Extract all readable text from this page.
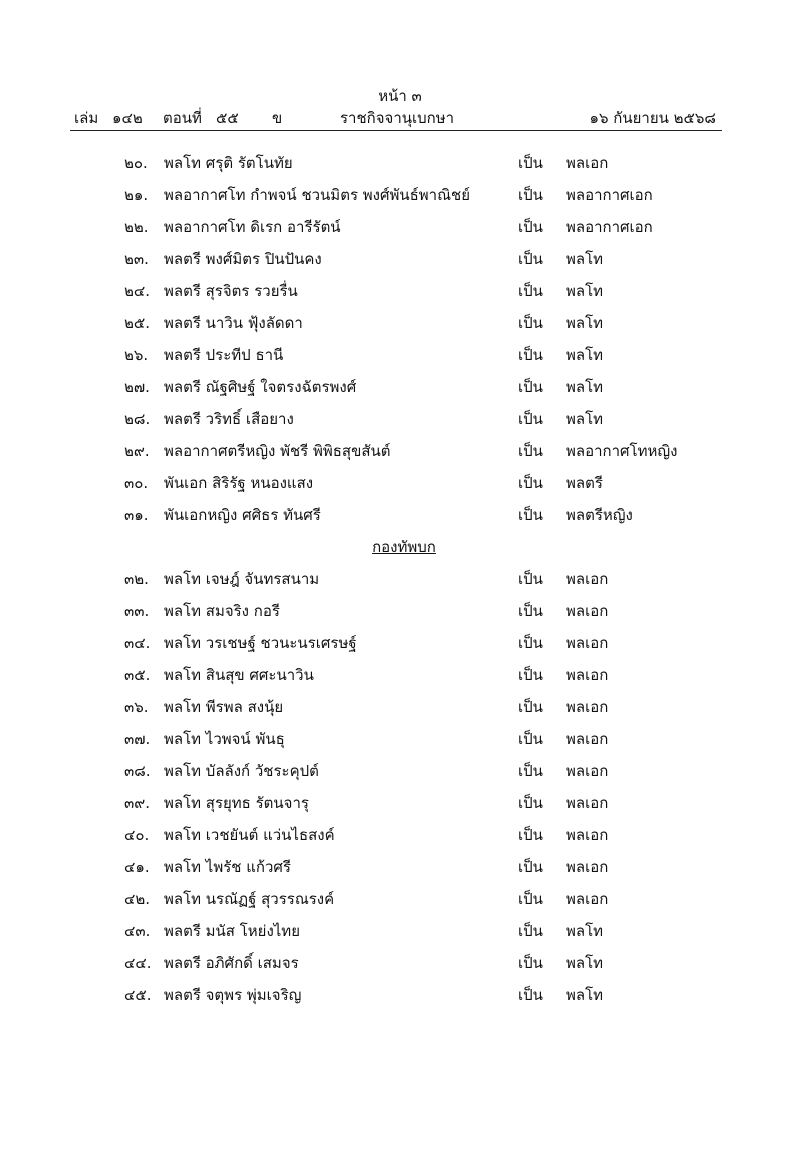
หน้า ๓
เล่ม ๑๔๒ ตอนที่ ๕๕ ข	ราชกิจจานุเบกษา	๑๖ กันยายน ๒๕๖๘
๒๐. พลโท ศรุติ รัตโนทัย	เป็น พลเอก
๒๑. พลอากาศโท กำพจน์ ชวนมิตร พงศ์พันธ์พาณิชย์	เป็น พลอากาศเอก
๒๒. พลอากาศโท ดิเรก อารีรัตน์	เป็น พลอากาศเอก
๒๓. พลตรี พงศ์มิตร ปินปันคง	เป็น พลโท
๒๔. พลตรี สุรจิตร รวยรื่น	เป็น พลโท
๒๕. พลตรี นาวิน ฟุ้งลัดดา	เป็น พลโท
๒๖. พลตรี ประทีป ธานี	เป็น พลโท
๒๗. พลตรี ณัฐศิษฐ์ ใจตรงฉัตรพงศ์	เป็น พลโท
๒๘. พลตรี วริทธิ์ เสือยาง	เป็น พลโท
๒๙. พลอากาศตรีหญิง พัชรี พิพิธสุขสันต์	เป็น พลอากาศโทหญิง
๓๐. พันเอก สิริรัฐ หนองแสง	เป็น พลตรี
๓๑. พันเอกหญิง ศศิธร ทันศรี	เป็น พลตรีหญิง
กองทัพบก
๓๒. พลโท เจษฎ์ จันทรสนาม	เป็น พลเอก
๓๓. พลโท สมจริง กอรี	เป็น พลเอก
๓๔. พลโท วรเชษฐ์ ชวนะนรเศรษฐ์	เป็น พลเอก
๓๕. พลโท สินสุข ศศะนาวิน	เป็น พลเอก
๓๖. พลโท พีรพล สงนุ้ย	เป็น พลเอก
๓๗. พลโท ไวพจน์ พันธุ	เป็น พลเอก
๓๘. พลโท บัลลังก์ วัชระคุปต์	เป็น พลเอก
๓๙. พลโท สุรยุทธ รัตนจารุ	เป็น พลเอก
๔๐. พลโท เวชยันต์ แว่นไธสงค์	เป็น พลเอก
๔๑. พลโท ไพรัช แก้วศรี	เป็น พลเอก
๔๒. พลโท นรณัฏฐ์ สุวรรณรงค์	เป็น พลเอก
๔๓. พลตรี มนัส โหย่งไทย	เป็น พลโท
๔๔. พลตรี อภิศักดิ์ เสมจร	เป็น พลโท
๔๕. พลตรี จตุพร พุ่มเจริญ	เป็น พลโท
